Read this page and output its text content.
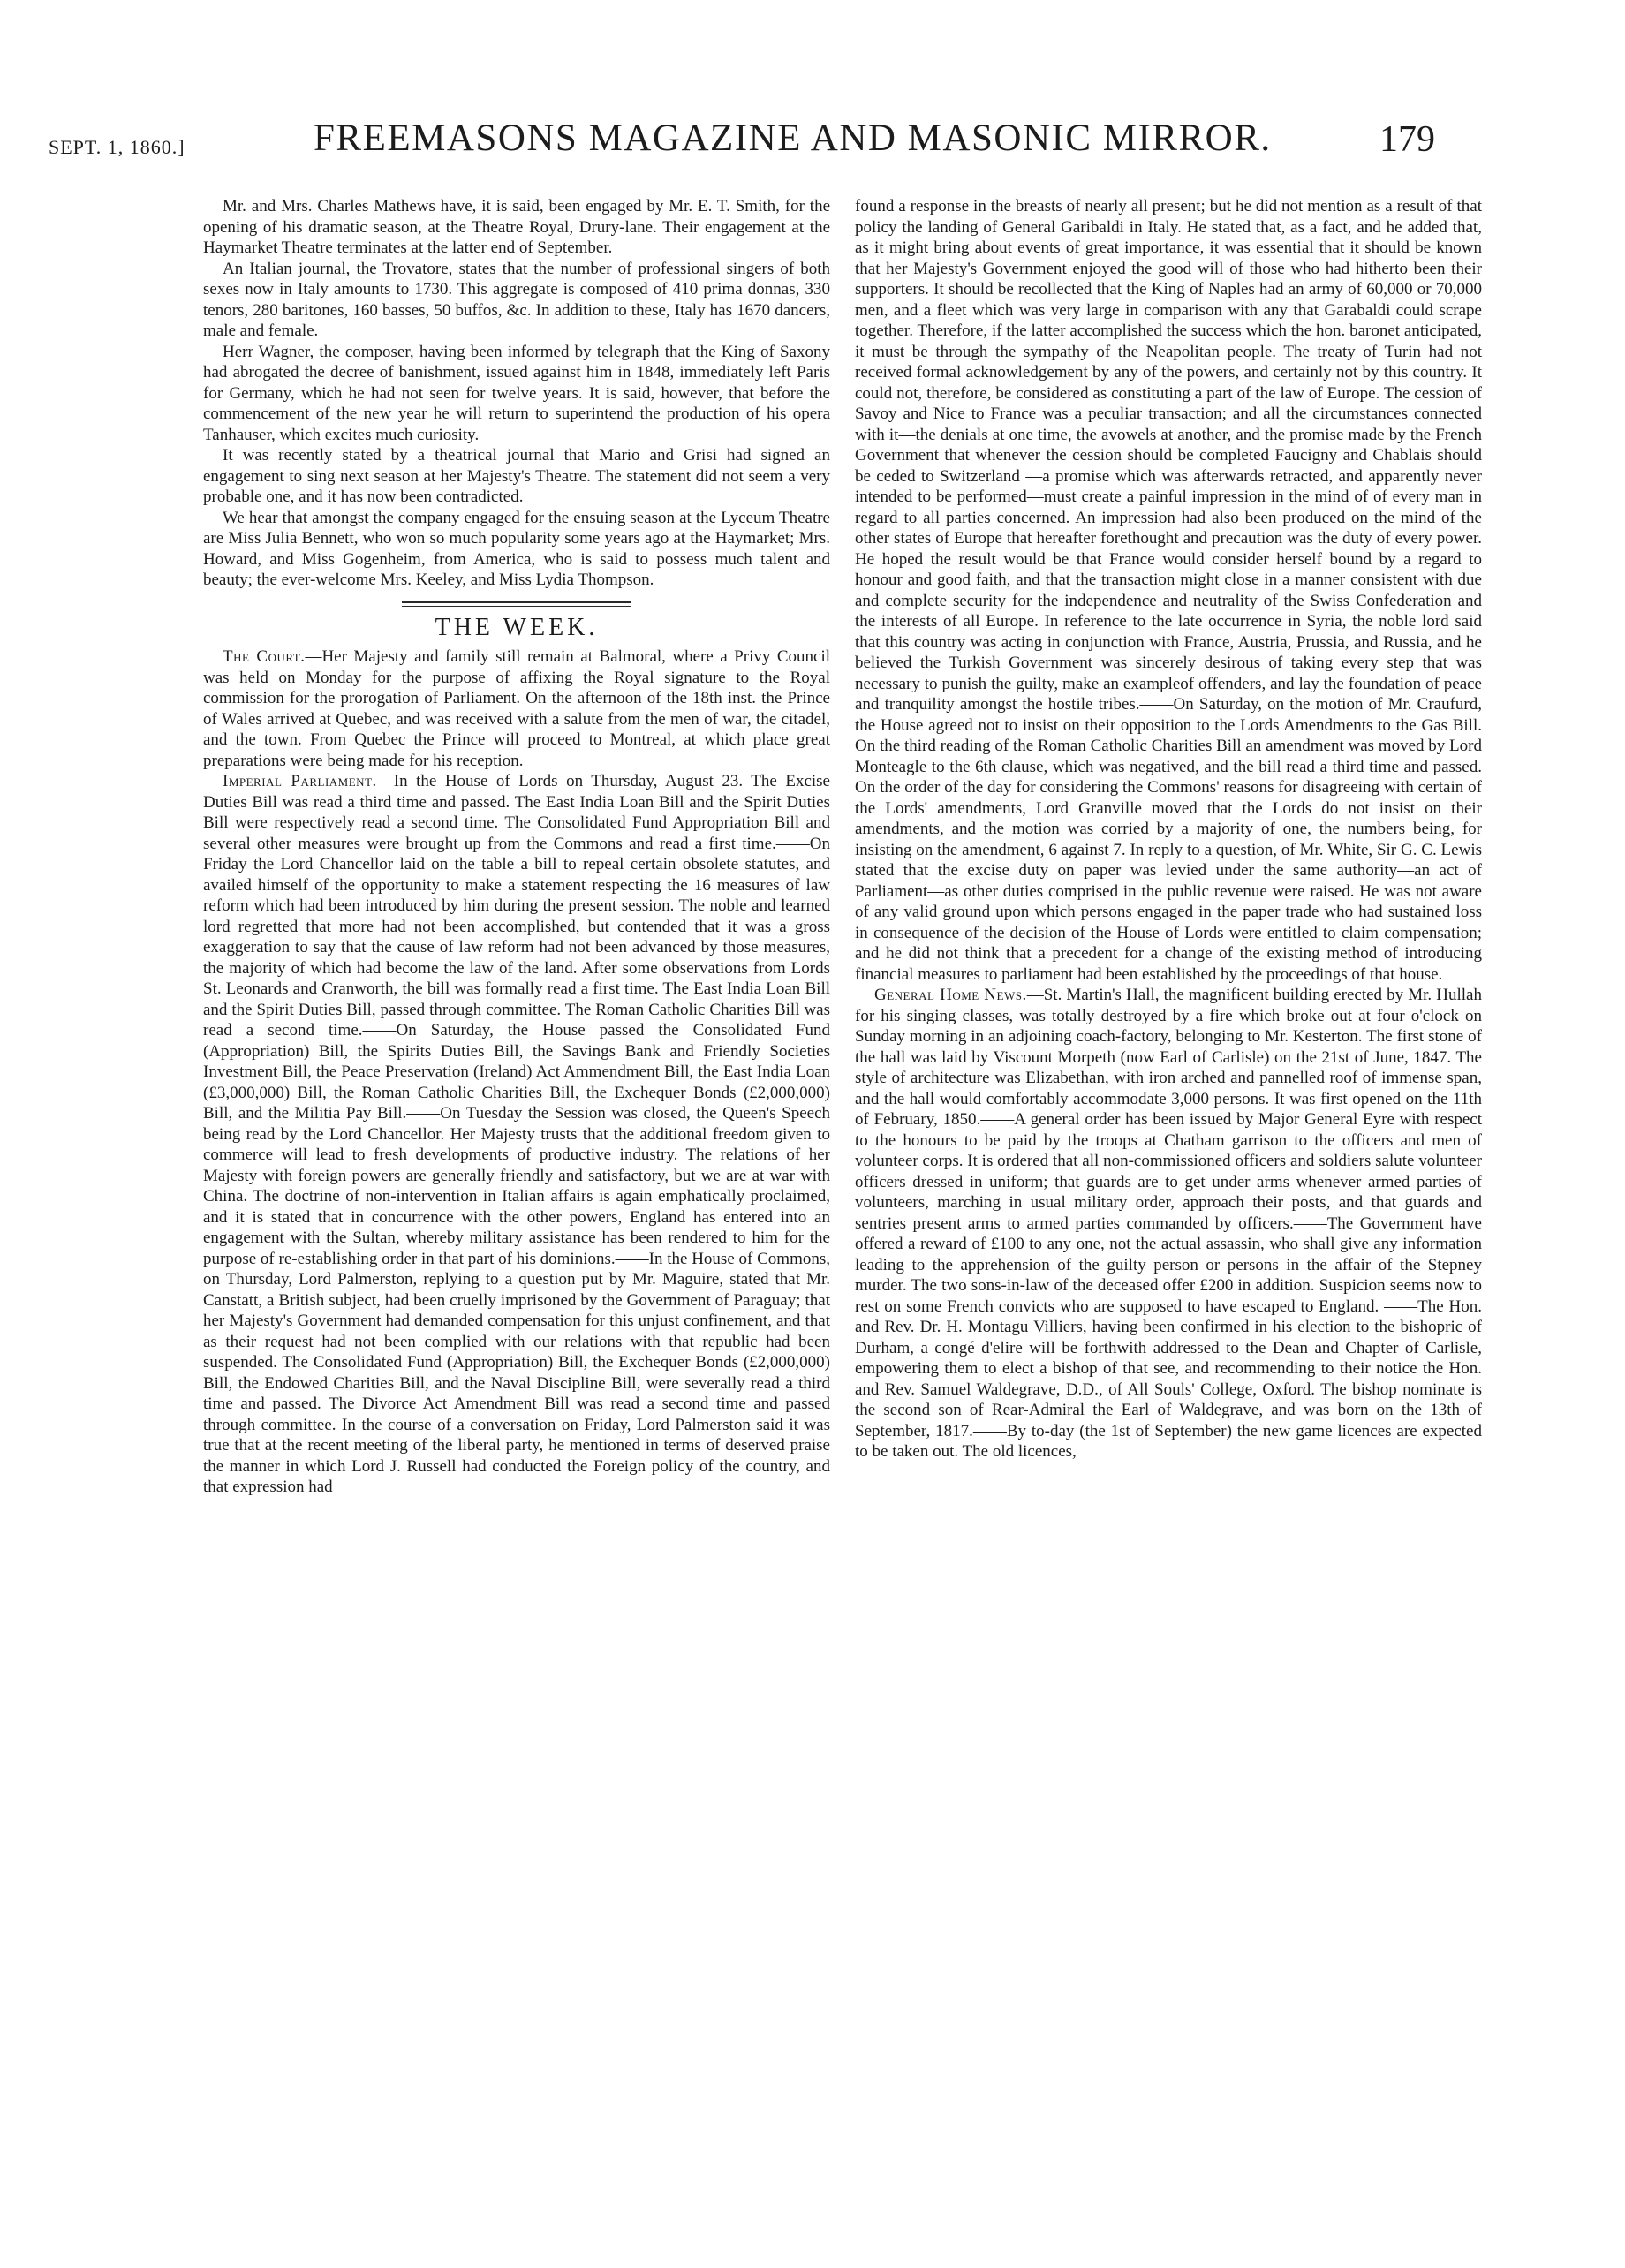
SEPT. 1, 1860.]	FREEMASONS MAGAZINE AND MASONIC MIRROR.	179

Mr. and Mrs. Charles Mathews have, it is said, been engaged by Mr. E. T. Smith, for the opening of his dramatic season, at the Theatre Royal, Drury-lane. Their engagement at the Haymarket Theatre terminates at the latter end of September.

An Italian journal, the Trovatore, states that the number of professional singers of both sexes now in Italy amounts to 1730. This aggregate is composed of 410 prima donnas, 330 tenors, 280 baritones, 160 basses, 50 buffos, &c. In addition to these, Italy has 1670 dancers, male and female.

Herr Wagner, the composer, having been informed by telegraph that the King of Saxony had abrogated the decree of banishment, issued against him in 1848, immediately left Paris for Germany, which he had not seen for twelve years. It is said, however, that before the commencement of the new year he will return to superintend the production of his opera Tanhauser, which excites much curiosity.

It was recently stated by a theatrical journal that Mario and Grisi had signed an engagement to sing next season at her Majesty's Theatre. The statement did not seem a very probable one, and it has now been contradicted.

We hear that amongst the company engaged for the ensuing season at the Lyceum Theatre are Miss Julia Bennett, who won so much popularity some years ago at the Haymarket; Mrs. Howard, and Miss Gogenheim, from America, who is said to possess much talent and beauty; the ever-welcome Mrs. Keeley, and Miss Lydia Thompson.

THE WEEK.

The Court.—Her Majesty and family still remain at Balmoral, where a Privy Council was held on Monday for the purpose of affixing the Royal signature to the Royal commission for the prorogation of Parliament. On the afternoon of the 18th inst. the Prince of Wales arrived at Quebec, and was received with a salute from the men of war, the citadel, and the town. From Quebec the Prince will proceed to Montreal, at which place great preparations were being made for his reception.

Imperial Parliament.—In the House of Lords on Thursday, August 23. The Excise Duties Bill was read a third time and passed. The East India Loan Bill and the Spirit Duties Bill were respectively read a second time. The Consolidated Fund Appropriation Bill and several other measures were brought up from the Commons and read a first time.——On Friday the Lord Chancellor laid on the table a bill to repeal certain obsolete statutes, and availed himself of the opportunity to make a statement respecting the 16 measures of law reform which had been introduced by him during the present session. The noble and learned lord regretted that more had not been accomplished, but contended that it was a gross exaggeration to say that the cause of law reform had not been advanced by those measures, the majority of which had become the law of the land. After some observations from Lords St. Leonards and Cranworth, the bill was formally read a first time. The East India Loan Bill and the Spirit Duties Bill, passed through committee. The Roman Catholic Charities Bill was read a second time.——On Saturday, the House passed the Consolidated Fund (Appropriation) Bill, the Spirits Duties Bill, the Savings Bank and Friendly Societies Investment Bill, the Peace Preservation (Ireland) Act Ammendment Bill, the East India Loan (£3,000,000) Bill, the Roman Catholic Charities Bill, the Exchequer Bonds (£2,000,000) Bill, and the Militia Pay Bill.——On Tuesday the Session was closed, the Queen's Speech being read by the Lord Chancellor. Her Majesty trusts that the additional freedom given to commerce will lead to fresh developments of productive industry. The relations of her Majesty with foreign powers are generally friendly and satisfactory, but we are at war with China. The doctrine of non-intervention in Italian affairs is again emphatically proclaimed, and it is stated that in concurrence with the other powers, England has entered into an engagement with the Sultan, whereby military assistance has been rendered to him for the purpose of re-establishing order in that part of his dominions.——In the House of Commons, on Thursday, Lord Palmerston, replying to a question put by Mr. Maguire, stated that Mr. Canstatt, a British subject, had been cruelly imprisoned by the Government of Paraguay; that her Majesty's Government had demanded compensation for this unjust confinement, and that as their request had not been complied with our relations with that republic had been suspended. The Consolidated Fund (Appropriation) Bill, the Exchequer Bonds (£2,000,000) Bill, the Endowed Charities Bill, and the Naval Discipline Bill, were severally read a third time and passed. The Divorce Act Amendment Bill was read a second time and passed through committee. In the course of a conversation on Friday, Lord Palmerston said it was true that at the recent meeting of the liberal party, he mentioned in terms of deserved praise the manner in which Lord J. Russell had conducted the Foreign policy of the country, and that expression had

found a response in the breasts of nearly all present; but he did not mention as a result of that policy the landing of General Garibaldi in Italy. He stated that, as a fact, and he added that, as it might bring about events of great importance, it was essential that it should be known that her Majesty's Government enjoyed the good will of those who had hitherto been their supporters. It should be recollected that the King of Naples had an army of 60,000 or 70,000 men, and a fleet which was very large in comparison with any that Garabaldi could scrape together. Therefore, if the latter accomplished the success which the hon. baronet anticipated, it must be through the sympathy of the Neapolitan people. The treaty of Turin had not received formal acknowledgement by any of the powers, and certainly not by this country. It could not, therefore, be considered as constituting a part of the law of Europe. The cession of Savoy and Nice to France was a peculiar transaction; and all the circumstances connected with it—the denials at one time, the avowels at another, and the promise made by the French Government that whenever the cession should be completed Faucigny and Chablais should be ceded to Switzerland —a promise which was afterwards retracted, and apparently never intended to be performed—must create a painful impression in the mind of of every man in regard to all parties concerned. An impression had also been produced on the mind of the other states of Europe that hereafter forethought and precaution was the duty of every power. He hoped the result would be that France would consider herself bound by a regard to honour and good faith, and that the transaction might close in a manner consistent with due and complete security for the independence and neutrality of the Swiss Confederation and the interests of all Europe. In reference to the late occurrence in Syria, the noble lord said that this country was acting in conjunction with France, Austria, Prussia, and Russia, and he believed the Turkish Government was sincerely desirous of taking every step that was necessary to punish the guilty, make an exampleof offenders, and lay the foundation of peace and tranquility amongst the hostile tribes.——On Saturday, on the motion of Mr. Craufurd, the House agreed not to insist on their opposition to the Lords Amendments to the Gas Bill. On the third reading of the Roman Catholic Charities Bill an amendment was moved by Lord Monteagle to the 6th clause, which was negatived, and the bill read a third time and passed. On the order of the day for considering the Commons' reasons for disagreeing with certain of the Lords' amendments, Lord Granville moved that the Lords do not insist on their amendments, and the motion was corried by a majority of one, the numbers being, for insisting on the amendment, 6 against 7. In reply to a question, of Mr. White, Sir G. C. Lewis stated that the excise duty on paper was levied under the same authority—an act of Parliament—as other duties comprised in the public revenue were raised. He was not aware of any valid ground upon which persons engaged in the paper trade who had sustained loss in consequence of the decision of the House of Lords were entitled to claim compensation; and he did not think that a precedent for a change of the existing method of introducing financial measures to parliament had been established by the proceedings of that house.

General Home News.—St. Martin's Hall, the magnificent building erected by Mr. Hullah for his singing classes, was totally destroyed by a fire which broke out at four o'clock on Sunday morning in an adjoining coach-factory, belonging to Mr. Kesterton. The first stone of the hall was laid by Viscount Morpeth (now Earl of Carlisle) on the 21st of June, 1847. The style of architecture was Elizabethan, with iron arched and pannelled roof of immense span, and the hall would comfortably accommodate 3,000 persons. It was first opened on the 11th of February, 1850.——A general order has been issued by Major General Eyre with respect to the honours to be paid by the troops at Chatham garrison to the officers and men of volunteer corps. It is ordered that all non-commissioned officers and soldiers salute volunteer officers dressed in uniform; that guards are to get under arms whenever armed parties of volunteers, marching in usual military order, approach their posts, and that guards and sentries present arms to armed parties commanded by officers.——The Government have offered a reward of £100 to any one, not the actual assassin, who shall give any information leading to the apprehension of the guilty person or persons in the affair of the Stepney murder. The two sons-in-law of the deceased offer £200 in addition. Suspicion seems now to rest on some French convicts who are supposed to have escaped to England. ——The Hon. and Rev. Dr. H. Montagu Villiers, having been confirmed in his election to the bishopric of Durham, a congé d'elire will be forthwith addressed to the Dean and Chapter of Carlisle, empowering them to elect a bishop of that see, and recommending to their notice the Hon. and Rev. Samuel Waldegrave, D.D., of All Souls' College, Oxford. The bishop nominate is the second son of Rear-Admiral the Earl of Waldegrave, and was born on the 13th of September, 1817.——By to-day (the 1st of September) the new game licences are expected to be taken out. The old licences,
